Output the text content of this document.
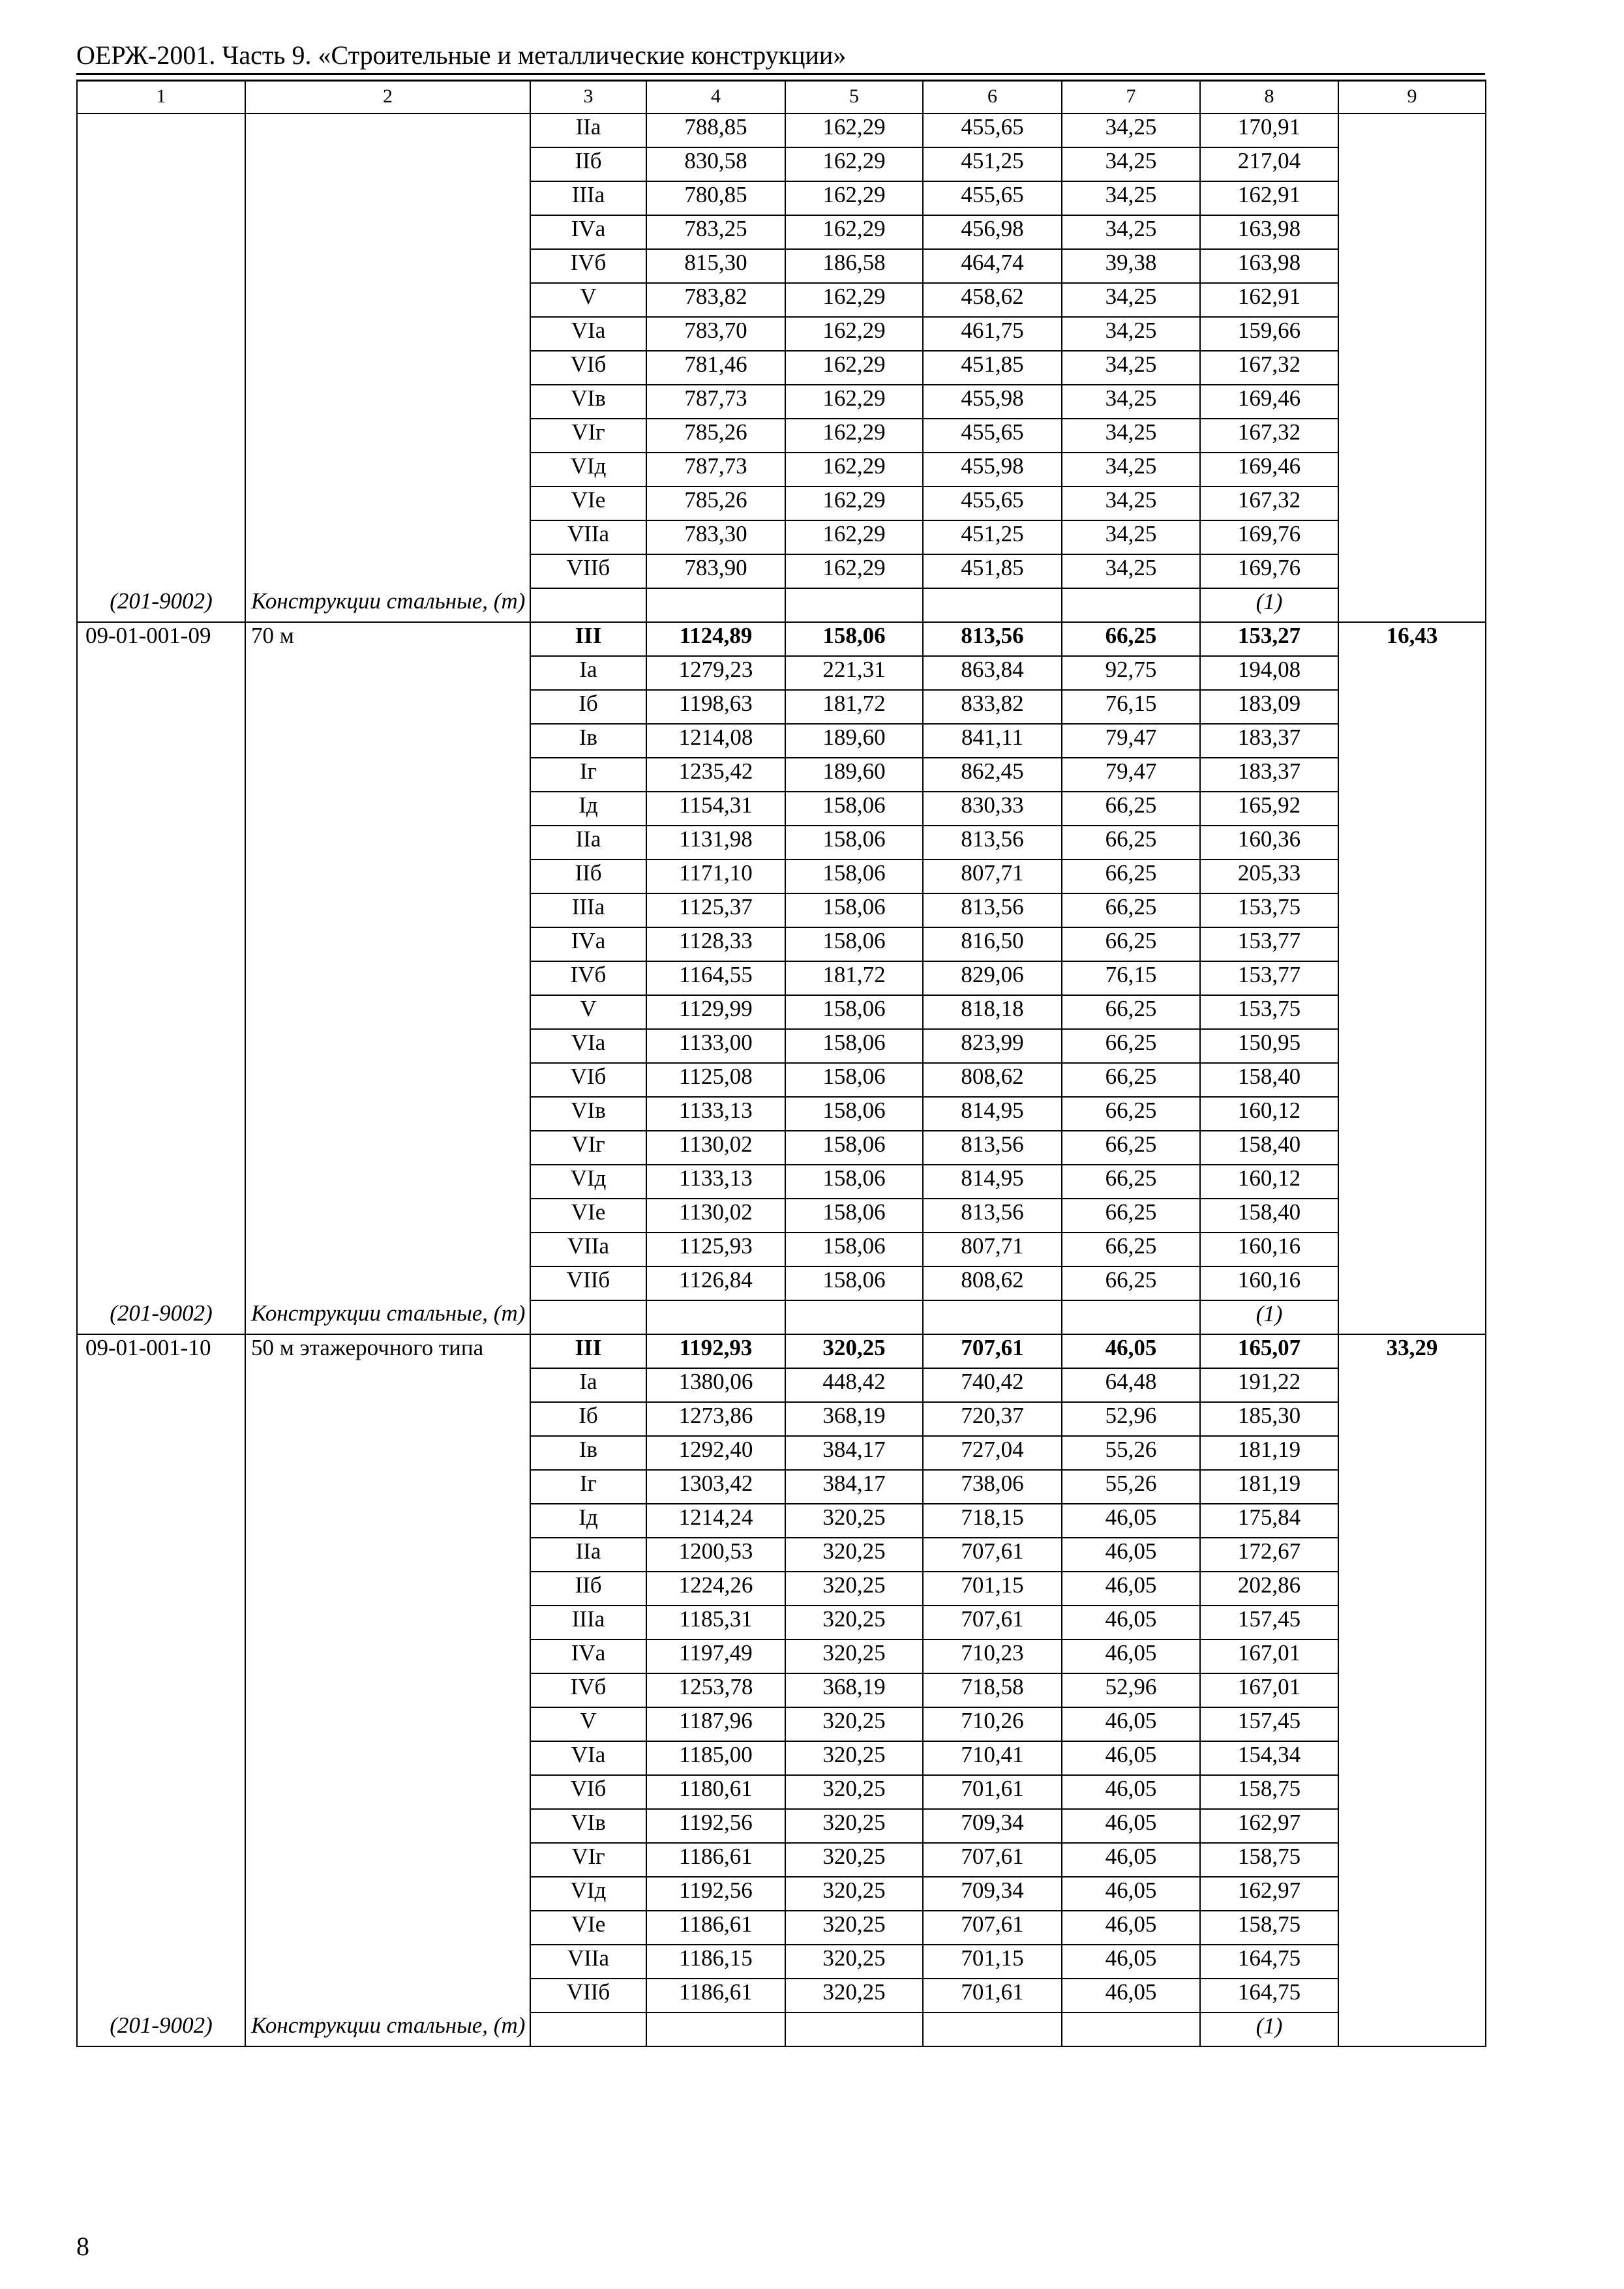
ОЕРЖ-2001. Часть 9. «Строительные и металлические конструкции»
1	2	3	4	5	6	7	8	9
		IIа	788,85	162,29	455,65	34,25	170,91	
		IIб	830,58	162,29	451,25	34,25	217,04	
		IIIа	780,85	162,29	455,65	34,25	162,91	
		IVа	783,25	162,29	456,98	34,25	163,98	
		IVб	815,30	186,58	464,74	39,38	163,98	
		V	783,82	162,29	458,62	34,25	162,91	
		VIа	783,70	162,29	461,75	34,25	159,66	
		VIб	781,46	162,29	451,85	34,25	167,32	
		VIв	787,73	162,29	455,98	34,25	169,46	
		VIг	785,26	162,29	455,65	34,25	167,32	
		VIд	787,73	162,29	455,98	34,25	169,46	
		VIе	785,26	162,29	455,65	34,25	167,32	
		VIIа	783,30	162,29	451,25	34,25	169,76	
		VIIб	783,90	162,29	451,85	34,25	169,76	
(201-9002)	Конструкции стальные, (т)						(1)	
09-01-001-09	70 м	III	1124,89	158,06	813,56	66,25	153,27	16,43
		Iа	1279,23	221,31	863,84	92,75	194,08	
		Iб	1198,63	181,72	833,82	76,15	183,09	
		Iв	1214,08	189,60	841,11	79,47	183,37	
		Iг	1235,42	189,60	862,45	79,47	183,37	
		Iд	1154,31	158,06	830,33	66,25	165,92	
		IIа	1131,98	158,06	813,56	66,25	160,36	
		IIб	1171,10	158,06	807,71	66,25	205,33	
		IIIа	1125,37	158,06	813,56	66,25	153,75	
		IVа	1128,33	158,06	816,50	66,25	153,77	
		IVб	1164,55	181,72	829,06	76,15	153,77	
		V	1129,99	158,06	818,18	66,25	153,75	
		VIа	1133,00	158,06	823,99	66,25	150,95	
		VIб	1125,08	158,06	808,62	66,25	158,40	
		VIв	1133,13	158,06	814,95	66,25	160,12	
		VIг	1130,02	158,06	813,56	66,25	158,40	
		VIд	1133,13	158,06	814,95	66,25	160,12	
		VIе	1130,02	158,06	813,56	66,25	158,40	
		VIIа	1125,93	158,06	807,71	66,25	160,16	
		VIIб	1126,84	158,06	808,62	66,25	160,16	
(201-9002)	Конструкции стальные, (т)						(1)	
09-01-001-10	50 м этажерочного типа	III	1192,93	320,25	707,61	46,05	165,07	33,29
		Iа	1380,06	448,42	740,42	64,48	191,22	
		Iб	1273,86	368,19	720,37	52,96	185,30	
		Iв	1292,40	384,17	727,04	55,26	181,19	
		Iг	1303,42	384,17	738,06	55,26	181,19	
		Iд	1214,24	320,25	718,15	46,05	175,84	
		IIа	1200,53	320,25	707,61	46,05	172,67	
		IIб	1224,26	320,25	701,15	46,05	202,86	
		IIIа	1185,31	320,25	707,61	46,05	157,45	
		IVа	1197,49	320,25	710,23	46,05	167,01	
		IVб	1253,78	368,19	718,58	52,96	167,01	
		V	1187,96	320,25	710,26	46,05	157,45	
		VIа	1185,00	320,25	710,41	46,05	154,34	
		VIб	1180,61	320,25	701,61	46,05	158,75	
		VIв	1192,56	320,25	709,34	46,05	162,97	
		VIг	1186,61	320,25	707,61	46,05	158,75	
		VIд	1192,56	320,25	709,34	46,05	162,97	
		VIе	1186,61	320,25	707,61	46,05	158,75	
		VIIа	1186,15	320,25	701,15	46,05	164,75	
		VIIб	1186,61	320,25	701,61	46,05	164,75	
(201-9002)	Конструкции стальные, (т)						(1)	
8
